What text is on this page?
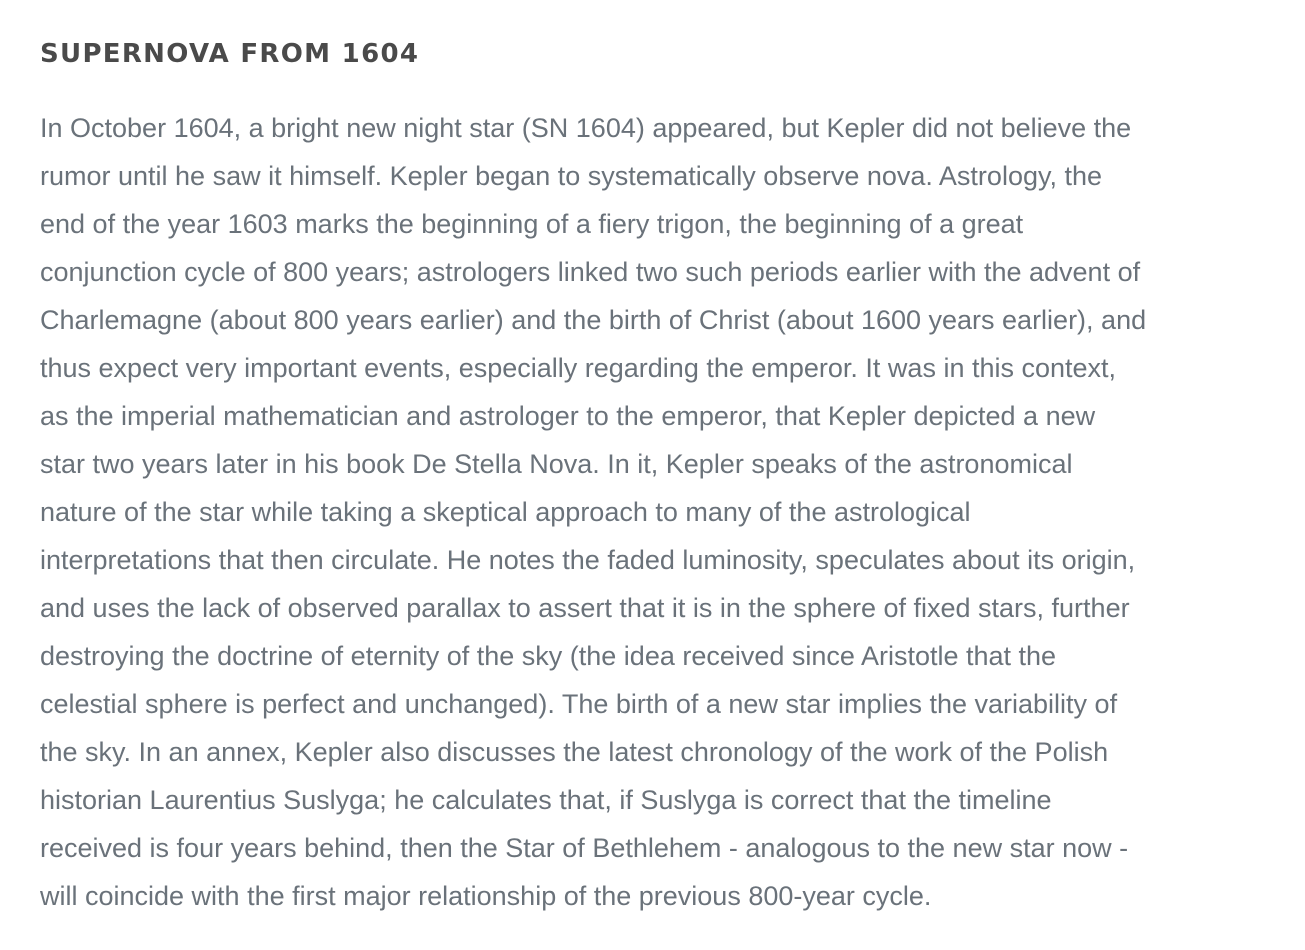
SUPERNOVA FROM 1604

In October 1604, a bright new night star (SN 1604) appeared, but Kepler did not believe the
rumor until he saw it himself. Kepler began to systematically observe nova. Astrology, the
end of the year 1603 marks the beginning of a fiery trigon, the beginning of a great
conjunction cycle of 800 years; astrologers linked two such periods earlier with the advent of
Charlemagne (about 800 years earlier) and the birth of Christ (about 1600 years earlier), and
thus expect very important events, especially regarding the emperor. It was in this context,
as the imperial mathematician and astrologer to the emperor, that Kepler depicted a new
star two years later in his book De Stella Nova. In it, Kepler speaks of the astronomical
nature of the star while taking a skeptical approach to many of the astrological
interpretations that then circulate. He notes the faded luminosity, speculates about its origin,
and uses the lack of observed parallax to assert that it is in the sphere of fixed stars, further
destroying the doctrine of eternity of the sky (the idea received since Aristotle that the
celestial sphere is perfect and unchanged). The birth of a new star implies the variability of
the sky. In an annex, Kepler also discusses the latest chronology of the work of the Polish
historian Laurentius Suslyga; he calculates that, if Suslyga is correct that the timeline
received is four years behind, then the Star of Bethlehem - analogous to the new star now -
will coincide with the first major relationship of the previous 800-year cycle.
